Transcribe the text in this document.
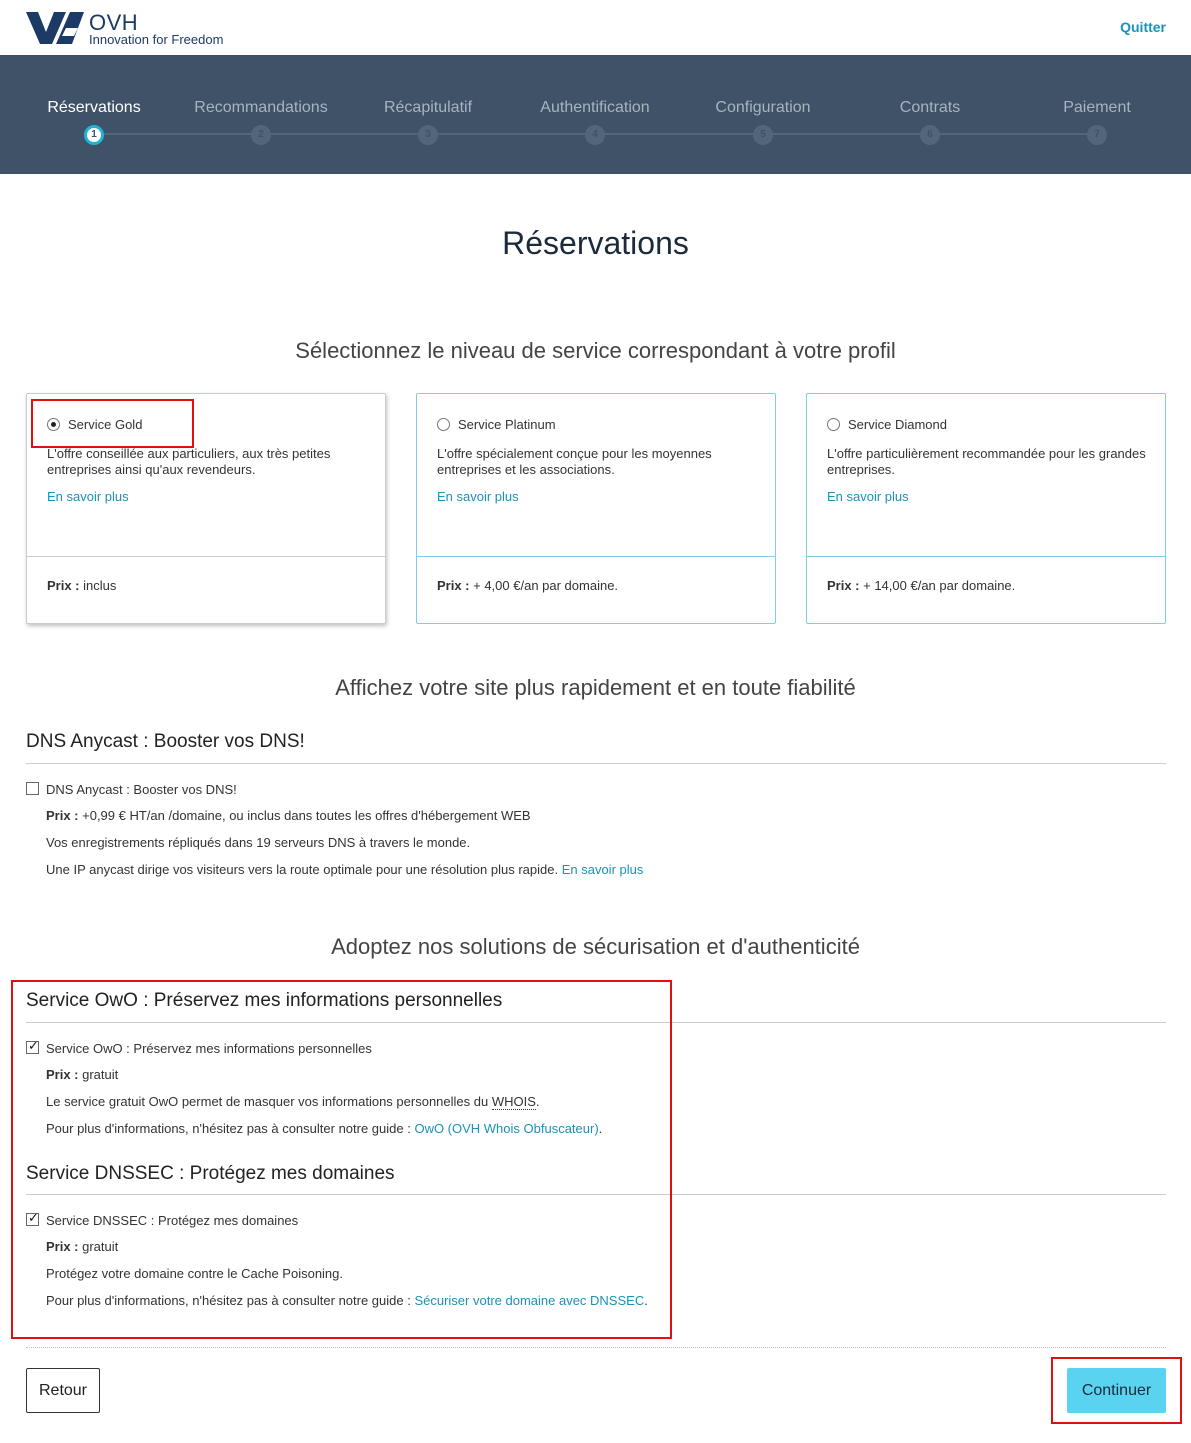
OVH
Innovation for Freedom
Quitter
Réservations
1
Recommandations
2
Récapitulatif
3
Authentification
4
Configuration
5
Contrats
6
Paiement
7
Réservations
Sélectionnez le niveau de service correspondant à votre profil
Service Gold
L'offre conseillée aux particuliers, aux très petites entreprises ainsi qu'aux revendeurs.
En savoir plus
Prix : inclus
Service Platinum
L'offre spécialement conçue pour les moyennes entreprises et les associations.
En savoir plus
Prix : + 4,00 €/an par domaine.
Service Diamond
L'offre particulièrement recommandée pour les grandes entreprises.
En savoir plus
Prix : + 14,00 €/an par domaine.
Affichez votre site plus rapidement et en toute fiabilité
DNS Anycast : Booster vos DNS!
DNS Anycast : Booster vos DNS!
Prix : +0,99 € HT/an /domaine, ou inclus dans toutes les offres d'hébergement WEB
Vos enregistrements répliqués dans 19 serveurs DNS à travers le monde.
Une IP anycast dirige vos visiteurs vers la route optimale pour une résolution plus rapide. En savoir plus
Adoptez nos solutions de sécurisation et d'authenticité
Service OwO : Préservez mes informations personnelles
✓
Service OwO : Préservez mes informations personnelles
Prix : gratuit
Le service gratuit OwO permet de masquer vos informations personnelles du WHOIS.
Pour plus d'informations, n'hésitez pas à consulter notre guide : OwO (OVH Whois Obfuscateur).
Service DNSSEC : Protégez mes domaines
✓
Service DNSSEC : Protégez mes domaines
Prix : gratuit
Protégez votre domaine contre le Cache Poisoning.
Pour plus d'informations, n'hésitez pas à consulter notre guide : Sécuriser votre domaine avec DNSSEC.
Retour	Continuer
